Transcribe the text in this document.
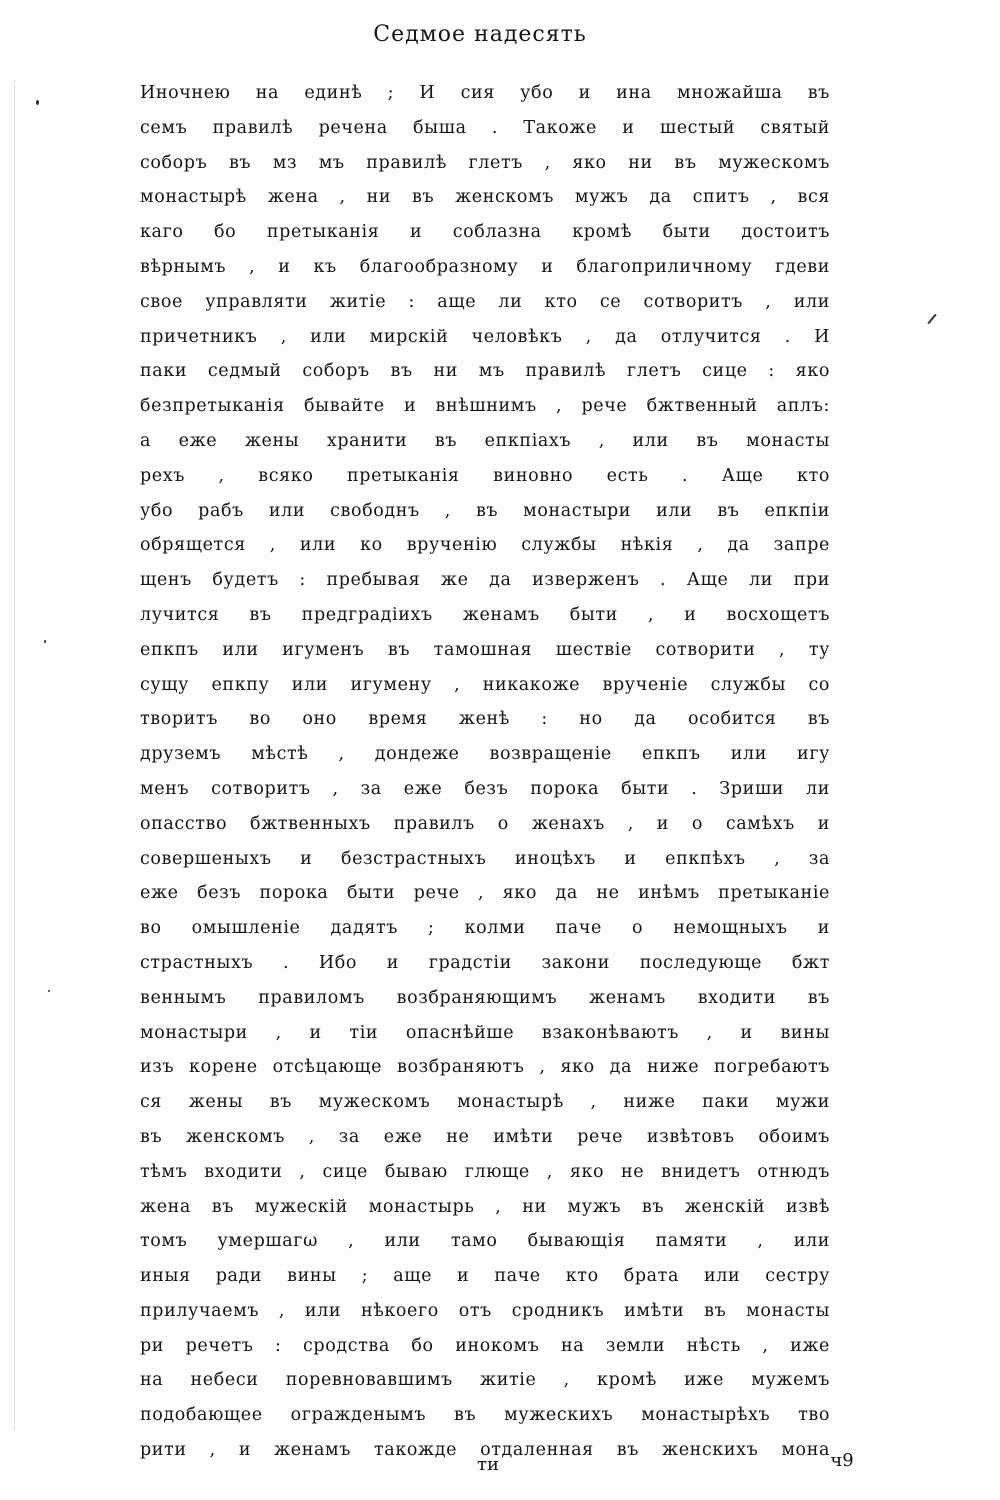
Седмое надесять
Иночнею на единѣ ; И сия убо и ина множайша въ
семъ правилѣ речена быша . Такоже и шестый святый
соборъ въ мз мъ правилѣ глетъ , яко ни въ мужескомъ
монастырѣ жена , ни въ женскомъ мужъ да спитъ , вся
каго бо претыканія и соблазна кромѣ быти достоитъ
вѣрнымъ , и къ благообразному и благоприличному гдеви
свое управляти житіе : аще ли кто се сотворитъ , или
причетникъ , или мирскій человѣкъ , да отлучится . И
паки седмый соборъ въ ни мъ правилѣ глетъ сице : яко
безпретыканія бывайте и внѣшнимъ , рече бжтвенный аплъ:
а еже жены хранити въ епкпіахъ , или въ монасты
рехъ , всяко претыканія виновно есть . Аще кто
убо рабъ или свободнъ , въ монастыри или въ епкпіи
обрящется , или ко врученію службы нѣкія , да запре
щенъ будетъ : пребывая же да изверженъ . Аще ли при
лучится въ предградіихъ женамъ быти , и восхощетъ
епкпъ или игуменъ въ тамошная шествіе сотворити , ту
сущу епкпу или игумену , никакоже врученіе службы со
творитъ во оно время женѣ : но да особится въ
друземъ мѣстѣ , дондеже возвращеніе епкпъ или игу
менъ сотворитъ , за еже безъ порока быти . Зриши ли
опасство бжтвенныхъ правилъ о женахъ , и о самѣхъ и
совершеныхъ и безстрастныхъ иноцѣхъ и епкпѣхъ , за
еже безъ порока быти рече , яко да не инѣмъ претыканіе
во омышленіе дадятъ ; колми паче о немощныхъ и
страстныхъ . Ибо и градстіи закони последующе бжт
веннымъ правиломъ возбраняющимъ женамъ входити въ
монастыри , и тіи опаснѣйше взаконѣваютъ , и вины
изъ корене отсѣцающе возбраняютъ , яко да ниже погребаютъ
ся жены въ мужескомъ монастырѣ , ниже паки мужи
въ женскомъ , за еже не имѣти рече извѣтовъ обоимъ
тѣмъ входити , сице бываю глюще , яко не внидетъ отнюдъ
жена въ мужескій монастырь , ни мужъ въ женскій извѣ
томъ умершагω , или тамо бывающія памяти , или
иныя ради вины ; аще и паче кто брата или сестру
прилучаемъ , или нѣкоего отъ сродникъ имѣти въ монасты
ри речетъ : сродства бо инокомъ на земли нѣсть , иже
на небеси поревновавшимъ житіе , кромѣ иже мужемъ
подобающее огражденымъ въ мужескихъ монастырѣхъ тво
рити , и женамъ такожде отдаленная въ женскихъ мона
ти	ч9
